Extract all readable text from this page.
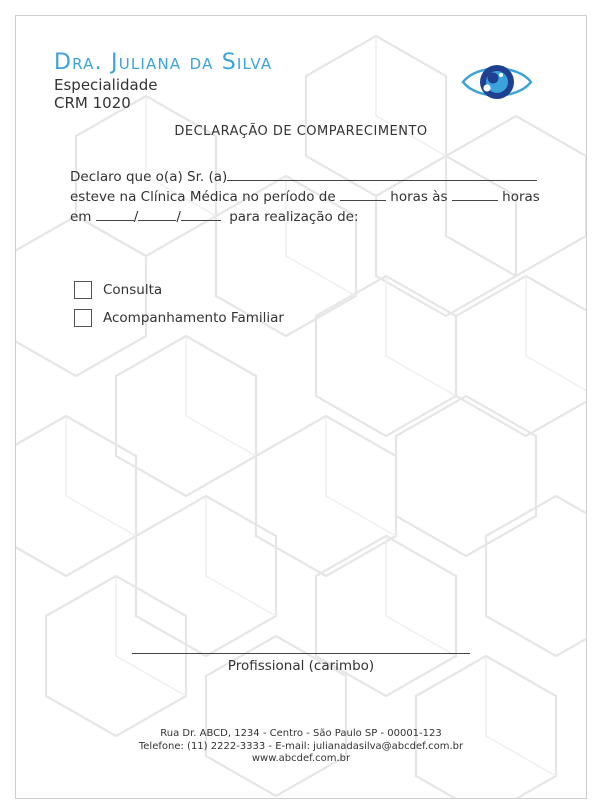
Dra. Juliana da Silva
Especialidade
CRM 1020
DECLARAÇÃO DE COMPARECIMENTO
Declaro que o(a) Sr. (a)
esteve na Clínica Médica no período de	horas às	horas
em	/	/	para realização de:
Consulta
Acompanhamento Familiar
Profissional (carimbo)
Rua Dr. ABCD, 1234 - Centro - São Paulo SP - 00001-123
Telefone: (11) 2222-3333 - E-mail: julianadasilva@abcdef.com.br
www.abcdef.com.br
